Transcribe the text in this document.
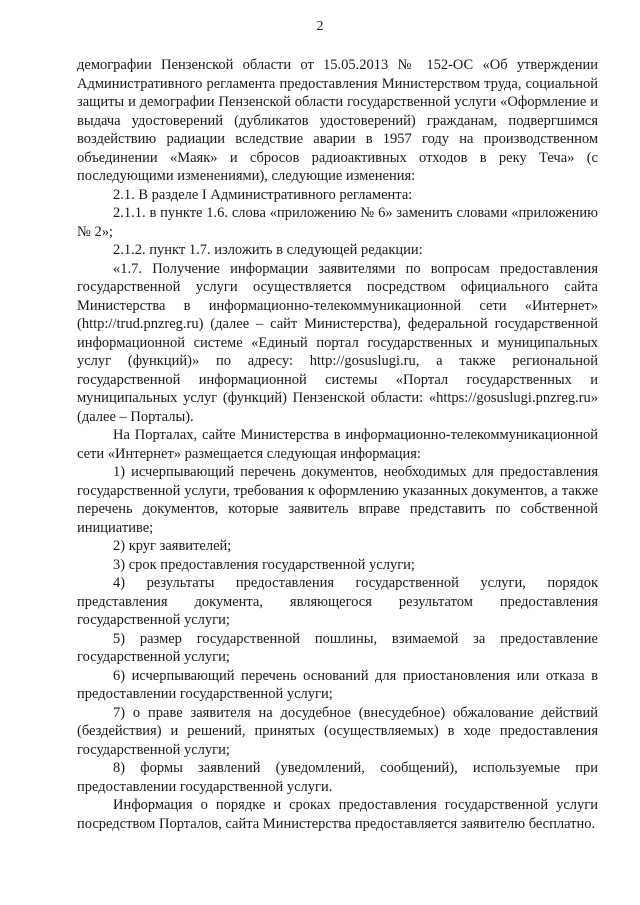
2

демографии Пензенской области от 15.05.2013 № 152-ОС «Об утверждении Административного регламента предоставления Министерством труда, социальной защиты и демографии Пензенской области государственной услуги «Оформление и выдача удостоверений (дубликатов удостоверений) гражданам, подвергшимся воздействию радиации вследствие аварии в 1957 году на производственном объединении «Маяк» и сбросов радиоактивных отходов в реку Теча» (с последующими изменениями), следующие изменения:

2.1. В разделе I Административного регламента:

2.1.1. в пункте 1.6. слова «приложению № 6» заменить словами «приложению № 2»;

2.1.2. пункт 1.7. изложить в следующей редакции:

«1.7. Получение информации заявителями по вопросам предоставления государственной услуги осуществляется посредством официального сайта Министерства в информационно-телекоммуникационной сети «Интернет» (http://trud.pnzreg.ru) (далее – сайт Министерства), федеральной государственной информационной системе «Единый портал государственных и муниципальных услуг (функций)» по адресу: http://gosuslugi.ru, а также региональной государственной информационной системы «Портал государственных и муниципальных услуг (функций) Пензенской области: «https://gosuslugi.pnzreg.ru» (далее – Порталы).

На Порталах, сайте Министерства в информационно-телекоммуникационной сети «Интернет» размещается следующая информация:

1) исчерпывающий перечень документов, необходимых для предоставления государственной услуги, требования к оформлению указанных документов, а также перечень документов, которые заявитель вправе представить по собственной инициативе;

2) круг заявителей;

3) срок предоставления государственной услуги;

4) результаты предоставления государственной услуги, порядок представления документа, являющегося результатом предоставления государственной услуги;

5) размер государственной пошлины, взимаемой за предоставление государственной услуги;

6) исчерпывающий перечень оснований для приостановления или отказа в предоставлении государственной услуги;

7) о праве заявителя на досудебное (внесудебное) обжалование действий (бездействия) и решений, принятых (осуществляемых) в ходе предоставления государственной услуги;

8) формы заявлений (уведомлений, сообщений), используемые при предоставлении государственной услуги.

Информация о порядке и сроках предоставления государственной услуги посредством Порталов, сайта Министерства предоставляется заявителю бесплатно.
